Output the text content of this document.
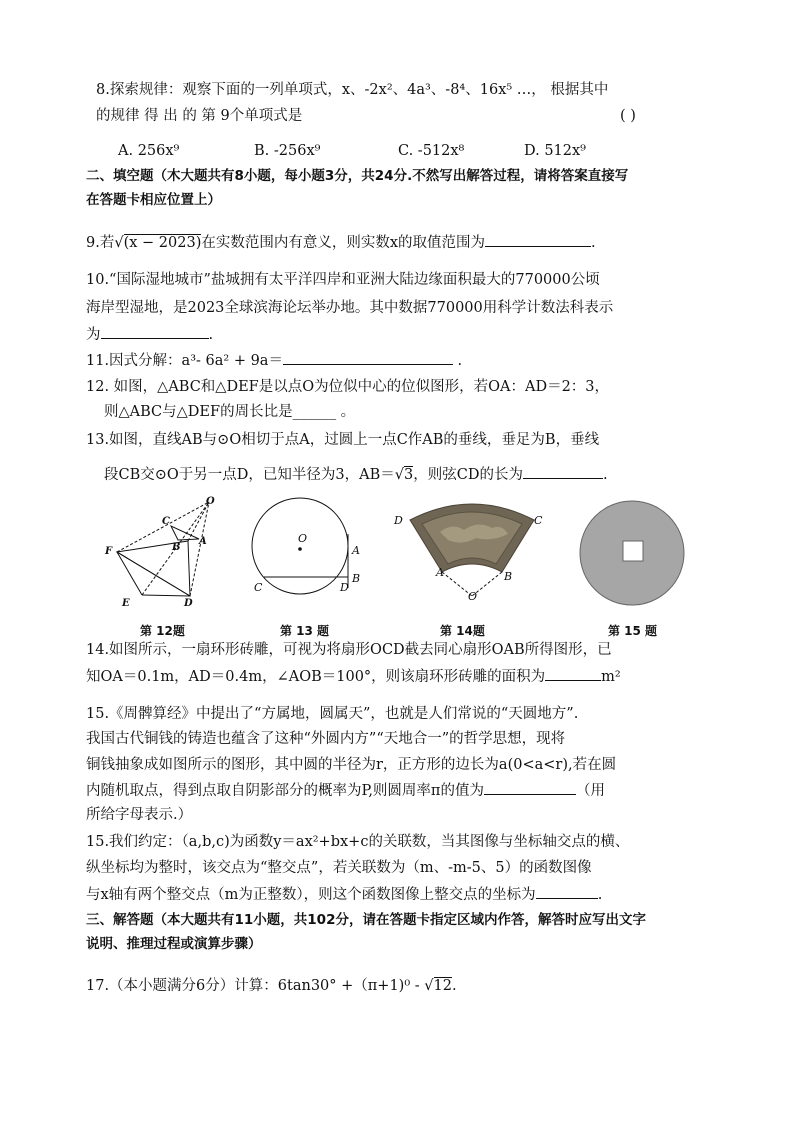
8.探索规律：观察下面的一列单项式，x、-2x²、4a³、-8⁴、16x⁵ …， 根据其中
的规律 得 出 的 第 9个单项式是	( )
A. 256x⁹	B. -256x⁹	C. -512x⁸	D. 512x⁹
二、填空题（木大题共有8小题，每小题3分，共24分.不然写出解答过程，请将答案直接写
在答题卡相应位置上）
9.若√(x − 2023)在实数范围内有意义，则实数x的取值范围为	.
10.“国际湿地城市”盐城拥有太平洋四岸和亚洲大陆边缘面积最大的770000公顷
海岸型湿地，是2023全球滨海论坛举办地。其中数据770000用科学计数法科表示
为	.
11.因式分解：a³- 6a² + 9a＝	.
12. 如图，△ABC和△DEF是以点O为位似中心的位似图形，若OA：AD＝2：3，
则△ABC与△DEF的周长比是______ 。
13.如图，直线AB与⊙O相切于点A，过圆上一点C作AB的垂线，垂足为B，垂线
段CB交⊙O于另一点D，已知半径为3，AB＝√3，则弦CD的长为	.
O
C
B
A
F
E	D
第 12题
O
A
B
C	D
第 13 题
D	C
A	B
O
第 14题	第 15 题
14.如图所示，一扇环形砖雕，可视为将扇形OCD截去同心扇形OAB所得图形，已
知OA＝0.1m，AD＝0.4m，∠AOB＝100°，则该扇环形砖雕的面积为	m²
15.《周髀算经》中提出了“方属地，圆属天”，也就是人们常说的“天圆地方”.
我国古代铜钱的铸造也蕴含了这种“外圆内方”“天地合一”的哲学思想，现将
铜钱抽象成如图所示的图形，其中圆的半径为r，正方形的边长为a(0<a<r),若在圆
内随机取点，得到点取自阴影部分的概率为P,则圆周率π的值为	（用
所给字母表示.）
15.我们约定：（a,b,c)为函数y＝ax²+bx+c的关联数，当其图像与坐标轴交点的横、
纵坐标均为整时，该交点为“整交点”，若关联数为（m、-m-5、5）的函数图像
与x轴有两个整交点（m为正整数），则这个函数图像上整交点的坐标为	.
三、解答题（本大题共有11小题，共102分，请在答题卡指定区域内作答，解答时应写出文字
说明、推理过程或演算步骤）
17.（本小题满分6分）计算：6tan30° +（π+1)⁰ - √12.
